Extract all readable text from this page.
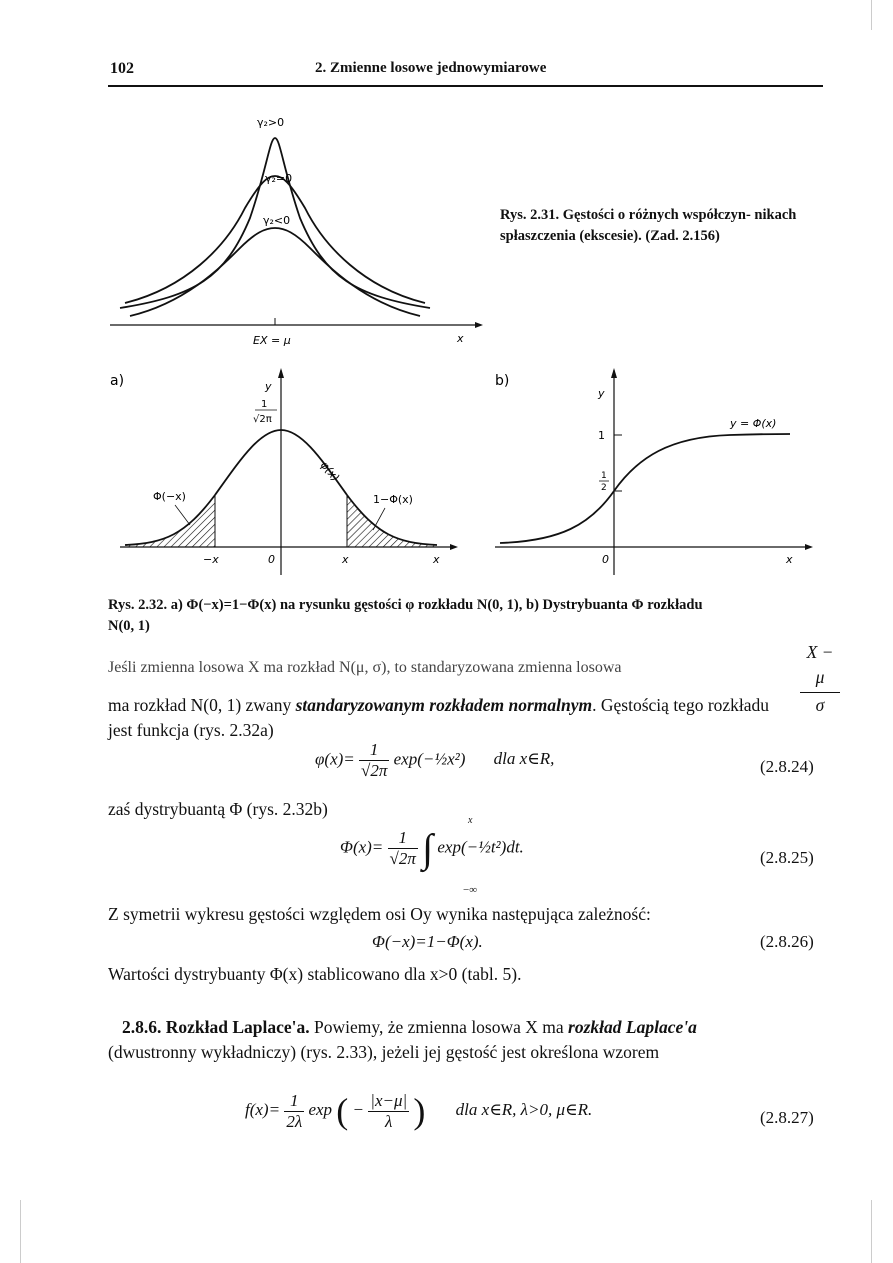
102	2. Zmienne losowe jednowymiarowe
γ₂>0
γ₂=0
γ₂<0
EX = μ	x
Rys. 2.31. Gęstości o różnych współczyn- nikach spłaszczenia (ekscesie). (Zad. 2.156)
a)	y
1
√2π
Φ(−x)	1−Φ(x)
φ(x)
−x	0	x	x
b)
y
1
1
2
y = Φ(x)
0	x
Rys. 2.32. a) Φ(−x)=1−Φ(x) na rysunku gęstości φ rozkładu N(0, 1), b) Dystrybuanta Φ rozkładu
N(0, 1)
Jeśli zmienna losowa X ma rozkład N(μ, σ), to standaryzowana zmienna losowa	$\frac{X - \mu}{\sigma}$
ma rozkład N(0, 1) zwany standaryzowanym rozkładem normalnym. Gęstością tego rozkładu
jest funkcja (rys. 2.32a)
$\varphi(x)= \frac{1}{√2\pi}$ exp(−½x²) dla x∈R,	(2.8.24)
zaś dystrybuantą Φ (rys. 2.32b)
x
−∞
$\Phi(x)= \frac{1}{√2\pi}$ ∫ exp(−½t²)dt.
(2.8.25)
Z symetrii wykresu gęstości względem osi Oy wynika następująca zależność:
Φ(−x)=1−Φ(x).	(2.8.26)
Wartości dystrybuanty Φ(x) stablicowano dla x>0 (tabl. 5).
2.8.6. Rozkład Laplace'a. Powiemy, że zmienna losowa X ma rozkład Laplace'a
(dwustronny wykładniczy) (rys. 2.33), jeżeli jej gęstość jest określona wzorem
$f(x)= \frac{1}{2\lambda}$ exp ( − $\frac{|x-\mu|}{\lambda}$ ) dla x∈R, λ>0, μ∈R.	(2.8.27)
